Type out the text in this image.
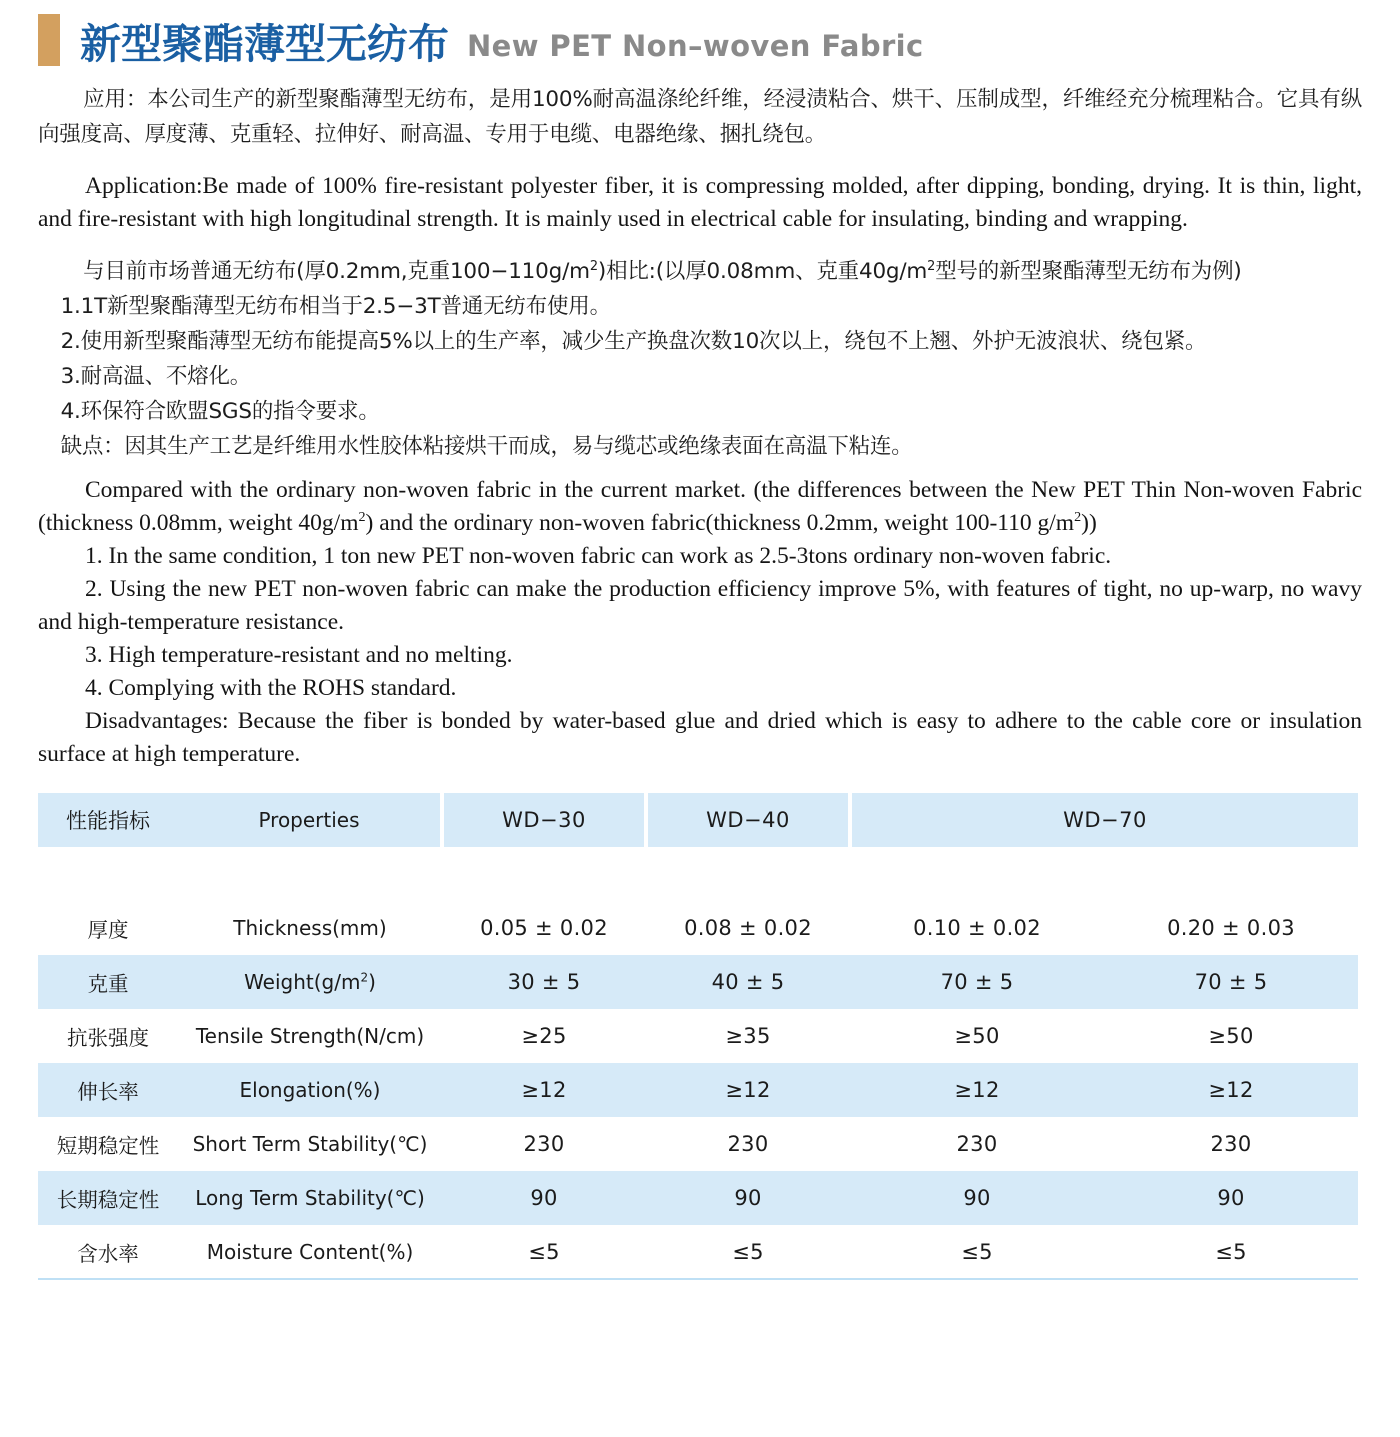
新型聚酯薄型无纺布 New PET Non–woven Fabric

应用：本公司生产的新型聚酯薄型无纺布，是用100%耐高温涤纶纤维，经浸渍粘合、烘干、压制成型，纤维经充分梳理粘合。它具有纵向强度高、厚度薄、克重轻、拉伸好、耐高温、专用于电缆、电器绝缘、捆扎绕包。

Application:Be made of 100% fire-resistant polyester fiber, it is compressing molded, after dipping, bonding, drying. It is thin, light, and fire-resistant with high longitudinal strength. It is mainly used in electrical cable for insulating, binding and wrapping.

与目前市场普通无纺布(厚0.2mm,克重$100-110g/m^2$)相比:(以厚0.08mm、克重$40g/m^2$型号的新型聚酯薄型无纺布为例)

1.1T新型聚酯薄型无纺布相当于2.5−3T普通无纺布使用。

2.使用新型聚酯薄型无纺布能提高5%以上的生产率，减少生产换盘次数10次以上，绕包不上翘、外护无波浪状、绕包紧。

3.耐高温、不熔化。

4.环保符合欧盟SGS的指令要求。

缺点：因其生产工艺是纤维用水性胶体粘接烘干而成，易与缆芯或绝缘表面在高温下粘连。

Compared with the ordinary non-woven fabric in the current market. (the differences between the New PET Thin Non-woven Fabric (thickness 0.08mm, weight $40g/m^2$) and the ordinary non-woven fabric(thickness 0.2mm, weight 100-110 $g/m^2$))

1. In the same condition, 1 ton new PET non-woven fabric can work as 2.5-3tons ordinary non-woven fabric.

2. Using the new PET non-woven fabric can make the production efficiency improve 5%, with features of tight, no up-warp, no wavy and high-temperature resistance.

3. High temperature-resistant and no melting.

4. Complying with the ROHS standard.

Disadvantages: Because the fiber is bonded by water-based glue and dried which is easy to adhere to the cable core or insulation surface at high temperature.

性能指标	Properties	WD−30	WD−40	WD−70	

厚度	Thickness(mm)	0.05 ± 0.02	0.08 ± 0.02	0.10 ± 0.02	0.20 ± 0.03
克重	$Weight(g/m^2)$	30 ± 5	40 ± 5	70 ± 5	70 ± 5
抗张强度	Tensile Strength(N/cm)	≥25	≥35	≥50	≥50
伸长率	Elongation(%)	≥12	≥12	≥12	≥12
短期稳定性	Short Term Stability(℃)	230	230	230	230
长期稳定性	Long Term Stability(℃)	90	90	90	90
含水率	Moisture Content(%)	≤5	≤5	≤5	≤5
